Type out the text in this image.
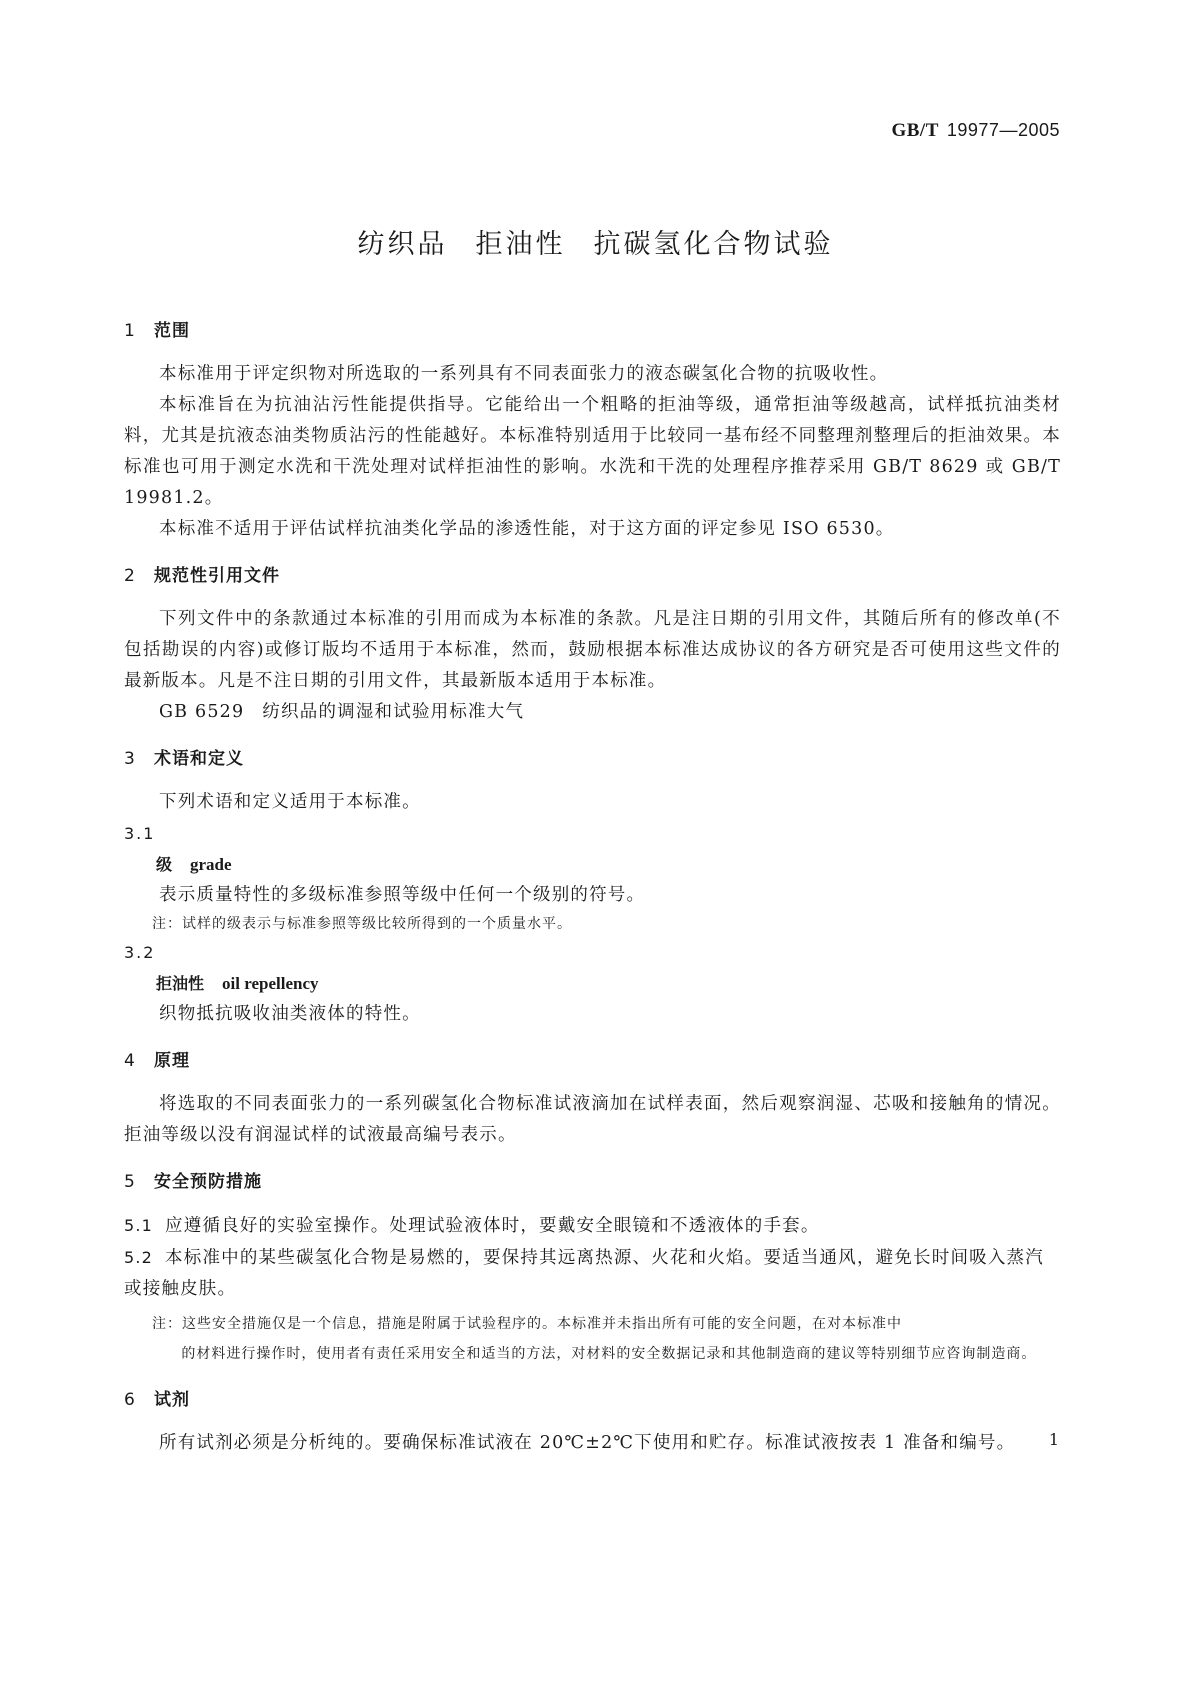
GB/T 19977—2005
纺织品 拒油性 抗碳氢化合物试验
1 范围

本标准用于评定织物对所选取的一系列具有不同表面张力的液态碳氢化合物的抗吸收性。

本标准旨在为抗油沾污性能提供指导。它能给出一个粗略的拒油等级，通常拒油等级越高，试样抵抗油类材料，尤其是抗液态油类物质沾污的性能越好。本标准特别适用于比较同一基布经不同整理剂整理后的拒油效果。本标准也可用于测定水洗和干洗处理对试样拒油性的影响。水洗和干洗的处理程序推荐采用 GB/T 8629 或 GB/T 19981.2。

本标准不适用于评估试样抗油类化学品的渗透性能，对于这方面的评定参见 ISO 6530。

2 规范性引用文件

下列文件中的条款通过本标准的引用而成为本标准的条款。凡是注日期的引用文件，其随后所有的修改单(不包括勘误的内容)或修订版均不适用于本标准，然而，鼓励根据本标准达成协议的各方研究是否可使用这些文件的最新版本。凡是不注日期的引用文件，其最新版本适用于本标准。

GB 6529 纺织品的调湿和试验用标准大气

3 术语和定义

下列术语和定义适用于本标准。

3.1

级 grade

表示质量特性的多级标准参照等级中任何一个级别的符号。

注：试样的级表示与标准参照等级比较所得到的一个质量水平。

3.2

拒油性 oil repellency

织物抵抗吸收油类液体的特性。

4 原理

将选取的不同表面张力的一系列碳氢化合物标准试液滴加在试样表面，然后观察润湿、芯吸和接触角的情况。拒油等级以没有润湿试样的试液最高编号表示。

5 安全预防措施

5.1 应遵循良好的实验室操作。处理试验液体时，要戴安全眼镜和不透液体的手套。

5.2 本标准中的某些碳氢化合物是易燃的，要保持其远离热源、火花和火焰。要适当通风，避免长时间吸入蒸汽或接触皮肤。

注：这些安全措施仅是一个信息，措施是附属于试验程序的。本标准并未指出所有可能的安全问题，在对本标准中
的材料进行操作时，使用者有责任采用安全和适当的方法，对材料的安全数据记录和其他制造商的建议等特别细节应咨询制造商。

6 试剂

所有试剂必须是分析纯的。要确保标准试液在 20℃±2℃下使用和贮存。标准试液按表 1 准备和编号。	1
